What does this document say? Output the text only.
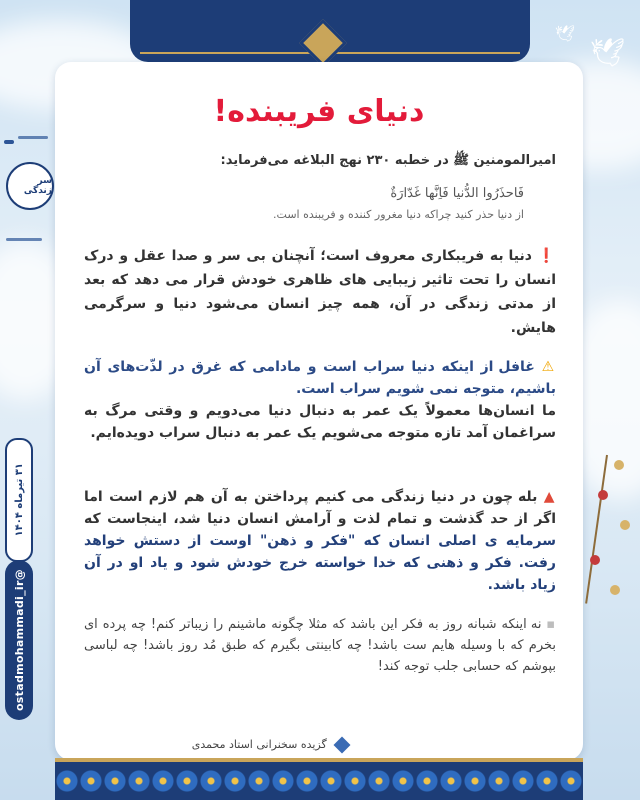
🕊
🕊
دنیای فریبنده!
امیرالمومنین ﷺ در خطبه ۲۳۰ نهج البلاغه می‌فرماید:
فَاحذَرُوا الدُّنیا فَاِنَّها غَدّارَةٌ
از دنیا حذر کنید چراکه دنیا مغرور کننده و فریبنده است.
❗ دنیا به فریبکاری معروف است؛ آنچنان بی سر و صدا عقل و درک انسان را تحت تاثیر زیبایی های ظاهری خودش قرار می دهد که بعد از مدتی زندگی در آن، همه چیز انسان می‌شود دنیا و سرگرمی هایش.
⚠ غافل از اینکه دنیا سراب است و مادامی که غرق در لذّت‌های آن باشیم، متوجه نمی شویم سراب است.
ما انسان‌ها معمولاً یک عمر به دنبال دنیا می‌دویم و وقتی مرگ به سراغمان آمد تازه متوجه می‌شویم یک عمر به دنبال سراب دویده‌ایم.
▲ بله چون در دنیا زندگی می کنیم پرداختن به آن هم لازم است اما اگر از حد گذشت و تمام لذت و آرامش انسان دنیا شد، اینجاست که سرمایه ی اصلی انسان که "فکر و ذهن" اوست از دستش خواهد رفت. فکر و ذهنی که خدا خواسته خرج خودش شود و یاد او در آن زیاد باشد.
▪ نه اینکه شبانه روز به فکر این باشد که مثلا چگونه ماشینم را زیباتر کنم! چه پرده ای بخرم که با وسیله هایم ست باشد! چه کابینتی بگیرم که طبق مُد روز باشد! چه لباسی بپوشم که حسابی جلب توجه کند!
گزیده سخنرانی استاد محمدی
سر زندگی
۳۱ تیرماه ۱۴۰۴
@ostadmohammadi_ir
